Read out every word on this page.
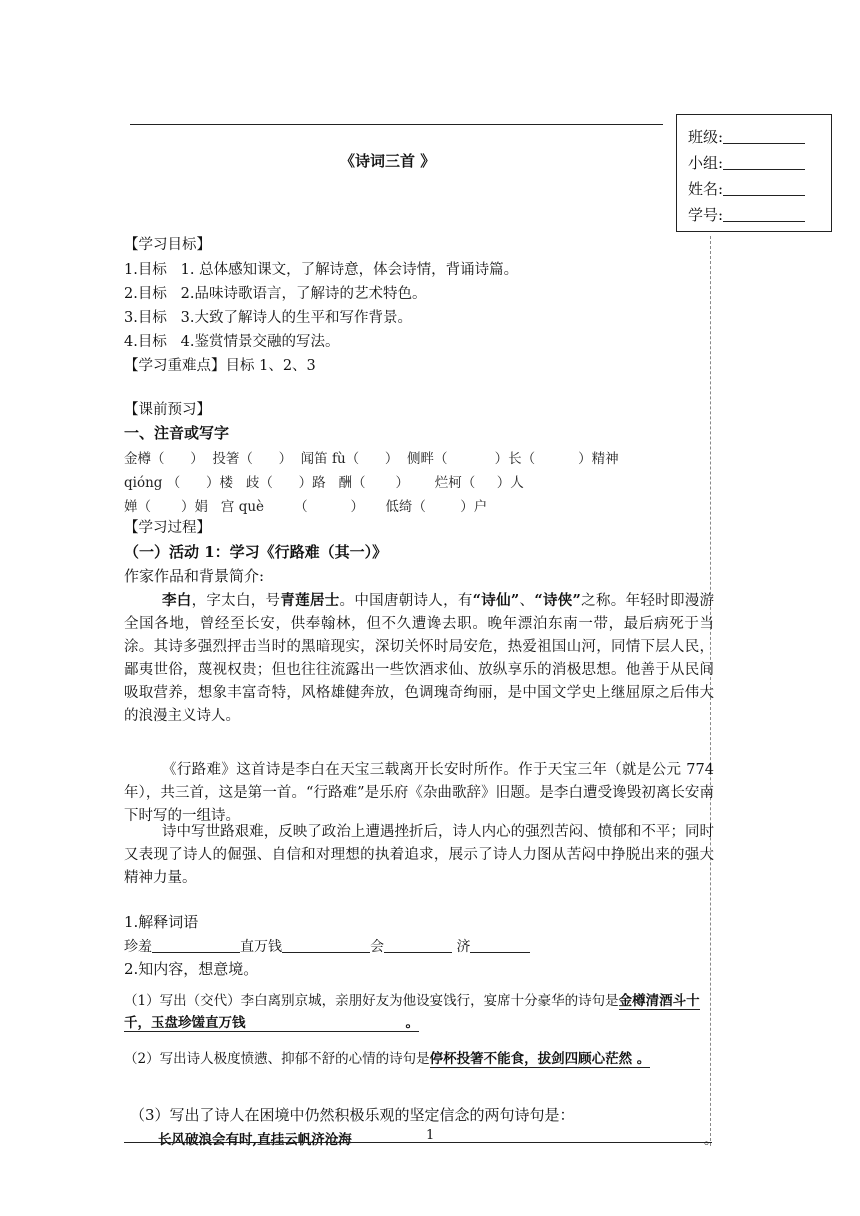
班级:
小组:
姓名:
学号:
《诗词三首 》
【学习目标】
1.目标   1. 总体感知课文，了解诗意，体会诗情，背诵诗篇。
2.目标   2.品味诗歌语言，了解诗的艺术特色。
3.目标   3.大致了解诗人的生平和写作背景。
4.目标   4.鉴赏情景交融的写法。
【学习重难点】目标 1、2、3
【课前预习】
一、注音或写字
金樽（      ）  投箸（      ）  闻笛 fù（      ）  侧畔（           ）长（          ）精神
qióng （      ）楼   歧（      ）路   酬（       ）      烂柯（     ）人
婵（       ）娟   宫 què       （          ）     低绮（        ）户
【学习过程】
（一）活动 1：学习《行路难（其一）》
作家作品和背景简介:
李白，字太白，号青莲居士。中国唐朝诗人，有“诗仙”、“诗侠”之称。年轻时即漫游全国各地，曾经至长安，供奉翰林，但不久遭谗去职。晚年漂泊东南一带，最后病死于当涂。其诗多强烈抨击当时的黑暗现实，深切关怀时局安危，热爱祖国山河，同情下层人民，鄙夷世俗，蔑视权贵；但也往往流露出一些饮酒求仙、放纵享乐的消极思想。他善于从民间吸取营养，想象丰富奇特，风格雄健奔放，色调瑰奇绚丽，是中国文学史上继屈原之后伟大的浪漫主义诗人。
《行路难》这首诗是李白在天宝三载离开长安时所作。作于天宝三年（就是公元 774 年），共三首，这是第一首。“行路难”是乐府《杂曲歌辞》旧题。是李白遭受谗毁初离长安南下时写的一组诗。
诗中写世路艰难，反映了政治上遭遇挫折后，诗人内心的强烈苦闷、愤郁和不平；同时又表现了诗人的倔强、自信和对理想的执着追求，展示了诗人力图从苦闷中挣脱出来的强大精神力量。
1.解释词语
珍羞	直万钱	会	济
2.知内容，想意境。
（1）写出（交代）李白离别京城，亲朋好友为他设宴饯行，宴席十分豪华的诗句是金樽清酒斗十千，玉盘珍馐直万钱	。
（2）写出诗人极度愤懑、抑郁不舒的心情的诗句是停杯投箸不能食，拔剑四顾心茫然 。
（3）写出了诗人在困境中仍然积极乐观的坚定信念的两句诗句是：
长风破浪会有时,直挂云帆济沧海	1	。
